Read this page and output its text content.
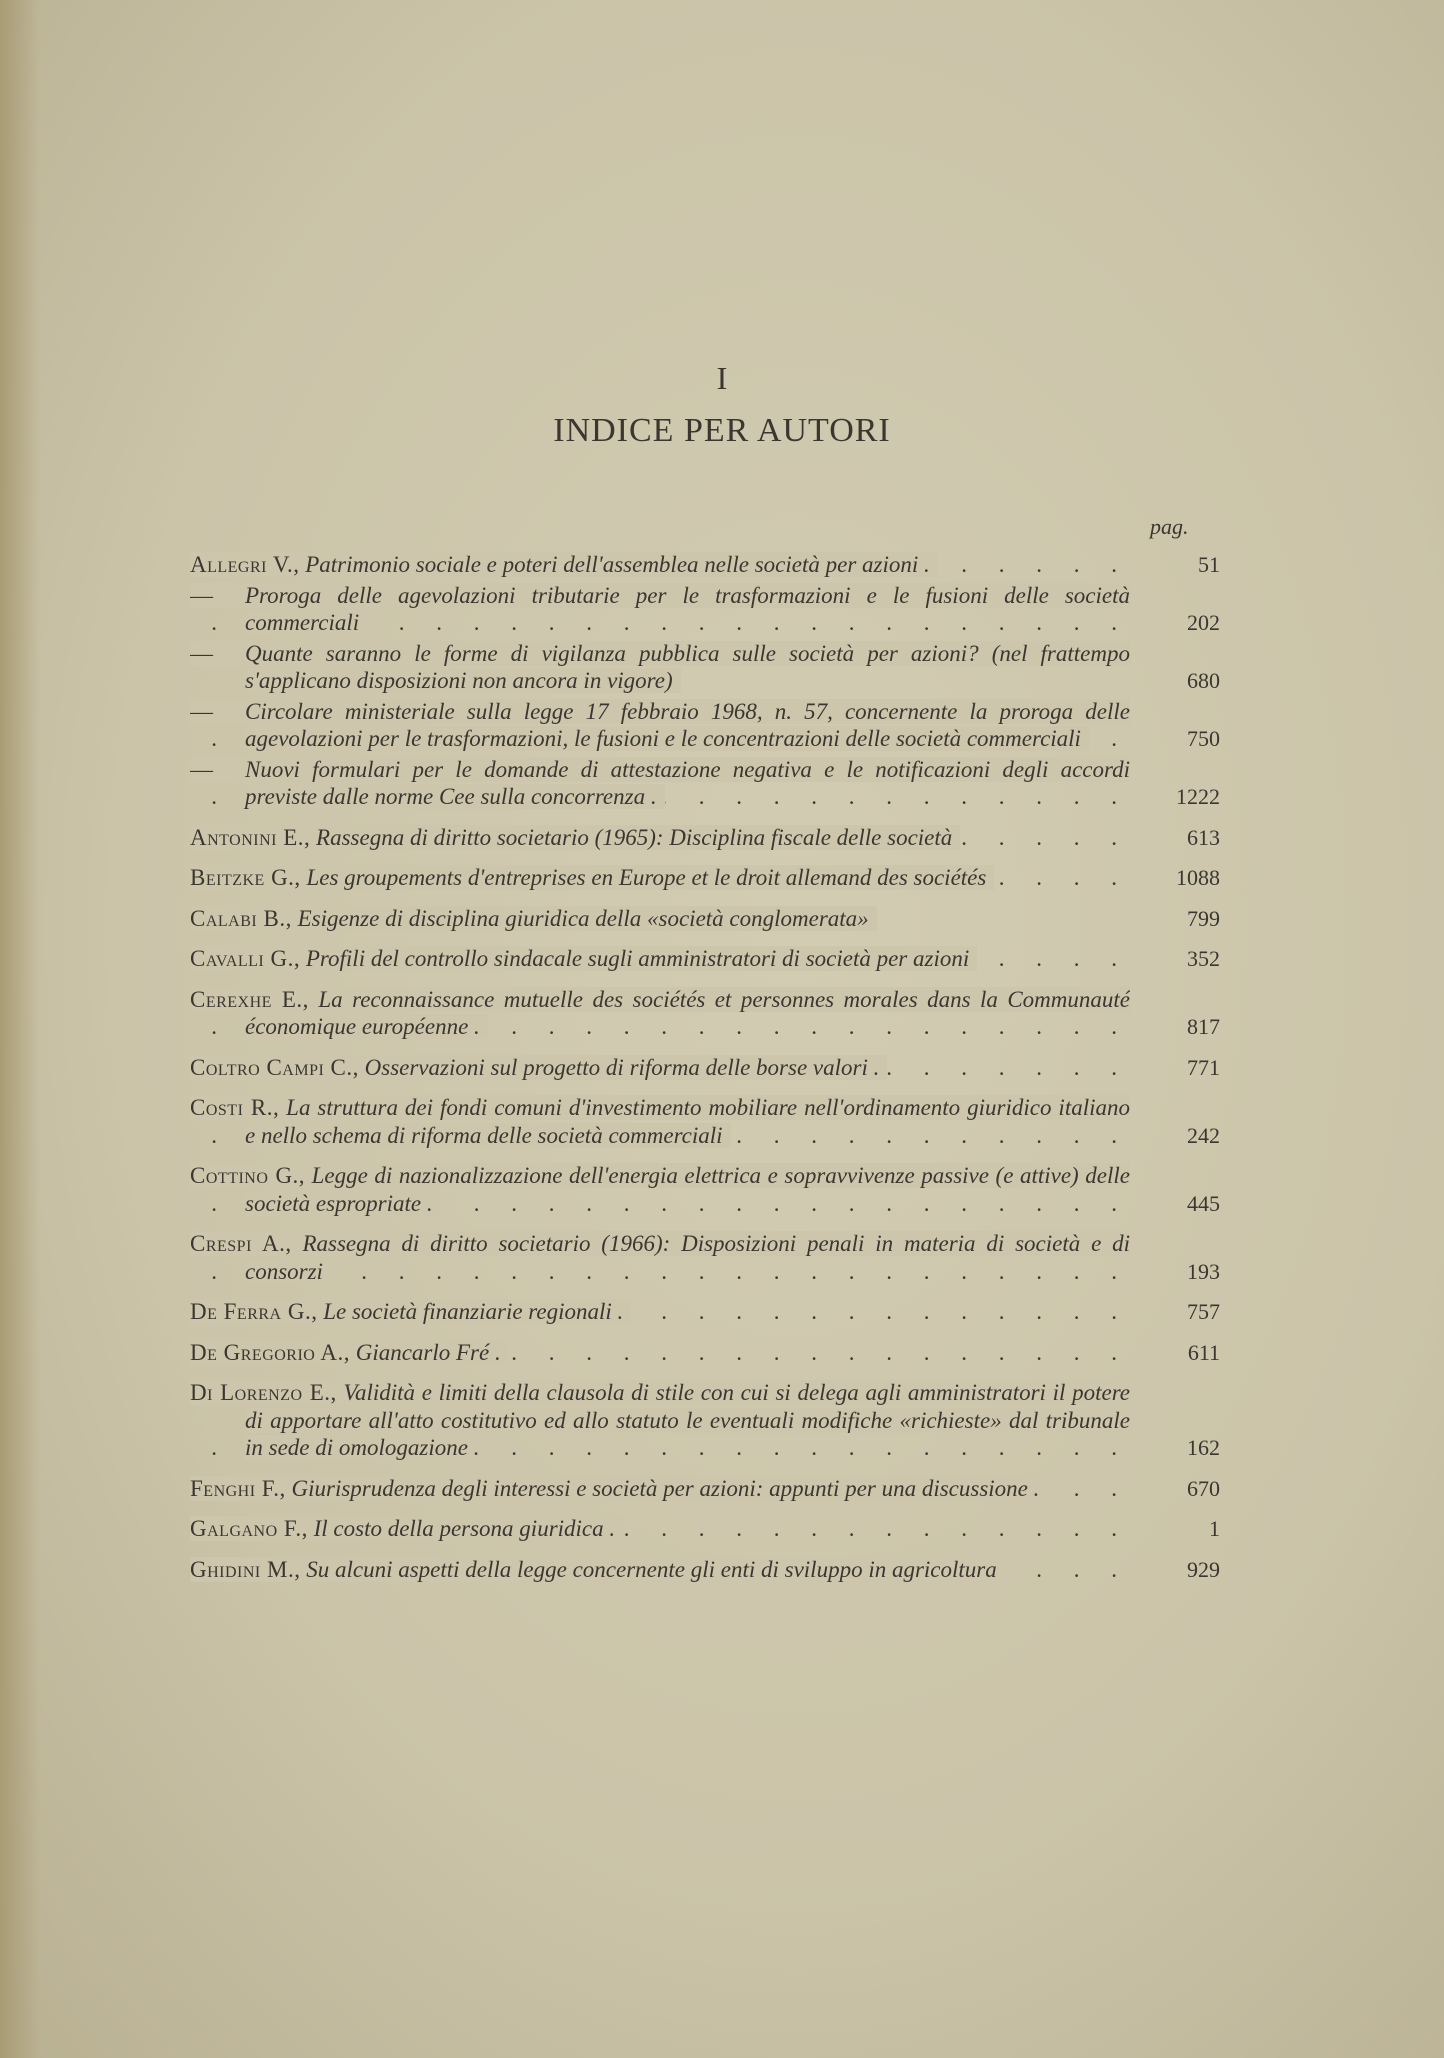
I
INDICE PER AUTORI
pag.
Allegri V., Patrimonio sociale e poteri dell'assemblea nelle società per azioni . . . .	51
— Proroga delle agevolazioni tributarie per le trasformazioni e le fusioni delle società commerciali . . .	202
— Quante saranno le forme di vigilanza pubblica sulle società per azioni? (nel frattempo s'applicano disposizioni non ancora in vigore)	680
— Circolare ministeriale sulla legge 17 febbraio 1968, n. 57, concernente la proroga delle agevolazioni per le trasformazioni, le fusioni e le concentrazioni delle società commerciali . . .	750
— Nuovi formulari per le domande di attestazione negativa e le notificazioni degli accordi previste dalle norme Cee sulla concorrenza . . . .	1222
Antonini E., Rassegna di diritto societario (1965): Disciplina fiscale delle società . . .	613
Beitzke G., Les groupements d'entreprises en Europe et le droit allemand des sociétés . . .	1088
Calabi B., Esigenze di disciplina giuridica della «società conglomerata»	799
Cavalli G., Profili del controllo sindacale sugli amministratori di società per azioni . . .	352
Cerexhe E., La reconnaissance mutuelle des sociétés et personnes morales dans la Communauté économique européenne . . . .	817
Coltro Campi C., Osservazioni sul progetto di riforma delle borse valori . . . .	771
Costi R., La struttura dei fondi comuni d'investimento mobiliare nell'ordinamento giuridico italiano e nello schema di riforma delle società commerciali . . .	242
Cottino G., Legge di nazionalizzazione dell'energia elettrica e sopravvivenze passive (e attive) delle società espropriate . . . .	445
Crespi A., Rassegna di diritto societario (1966): Disposizioni penali in materia di società e di consorzi . . .	193
De Ferra G., Le società finanziarie regionali . . . .	757
De Gregorio A., Giancarlo Fré . . . .	611
Di Lorenzo E., Validità e limiti della clausola di stile con cui si delega agli amministratori il potere di apportare all'atto costitutivo ed allo statuto le eventuali modifiche «richieste» dal tribunale in sede di omologazione . . . .	162
Fenghi F., Giurisprudenza degli interessi e società per azioni: appunti per una discussione . . . .	670
Galgano F., Il costo della persona giuridica . . . .	1
Ghidini M., Su alcuni aspetti della legge concernente gli enti di sviluppo in agricoltura . . .	929
